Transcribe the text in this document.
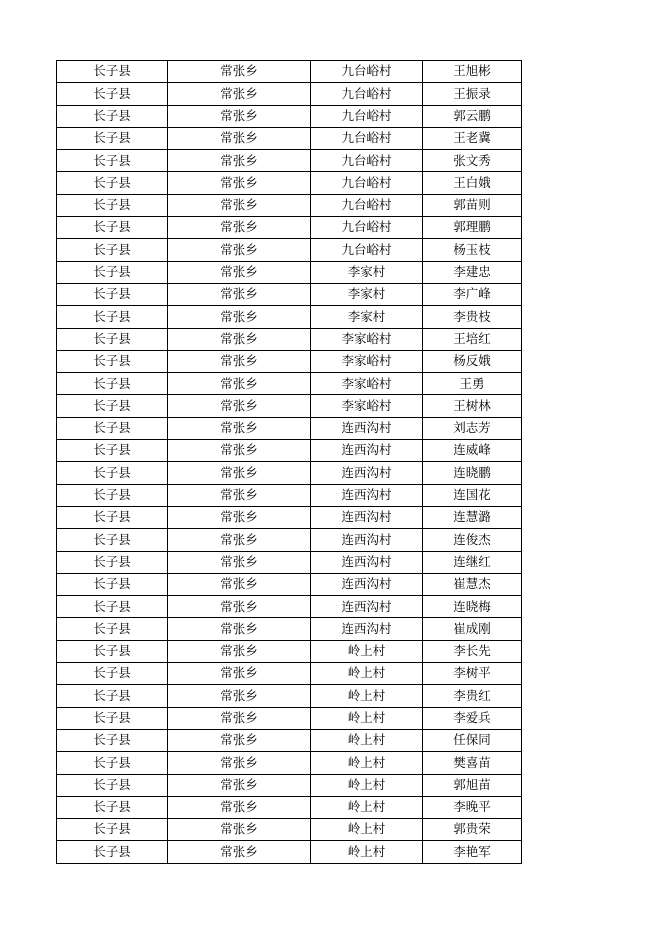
长子县	常张乡	九台峪村	王旭彬
长子县	常张乡	九台峪村	王振录
长子县	常张乡	九台峪村	郭云鹏
长子县	常张乡	九台峪村	王老冀
长子县	常张乡	九台峪村	张文秀
长子县	常张乡	九台峪村	王白娥
长子县	常张乡	九台峪村	郭苗则
长子县	常张乡	九台峪村	郭理鹏
长子县	常张乡	九台峪村	杨玉枝
长子县	常张乡	李家村	李建忠
长子县	常张乡	李家村	李广峰
长子县	常张乡	李家村	李贵枝
长子县	常张乡	李家峪村	王培红
长子县	常张乡	李家峪村	杨反娥
长子县	常张乡	李家峪村	王勇
长子县	常张乡	李家峪村	王树林
长子县	常张乡	连西沟村	刘志芳
长子县	常张乡	连西沟村	连威峰
长子县	常张乡	连西沟村	连晓鹏
长子县	常张乡	连西沟村	连国花
长子县	常张乡	连西沟村	连慧潞
长子县	常张乡	连西沟村	连俊杰
长子县	常张乡	连西沟村	连继红
长子县	常张乡	连西沟村	崔慧杰
长子县	常张乡	连西沟村	连晓梅
长子县	常张乡	连西沟村	崔成刚
长子县	常张乡	岭上村	李长先
长子县	常张乡	岭上村	李树平
长子县	常张乡	岭上村	李贵红
长子县	常张乡	岭上村	李爱兵
长子县	常张乡	岭上村	任保同
长子县	常张乡	岭上村	樊喜苗
长子县	常张乡	岭上村	郭旭苗
长子县	常张乡	岭上村	李晚平
长子县	常张乡	岭上村	郭贵荣
长子县	常张乡	岭上村	李艳军
